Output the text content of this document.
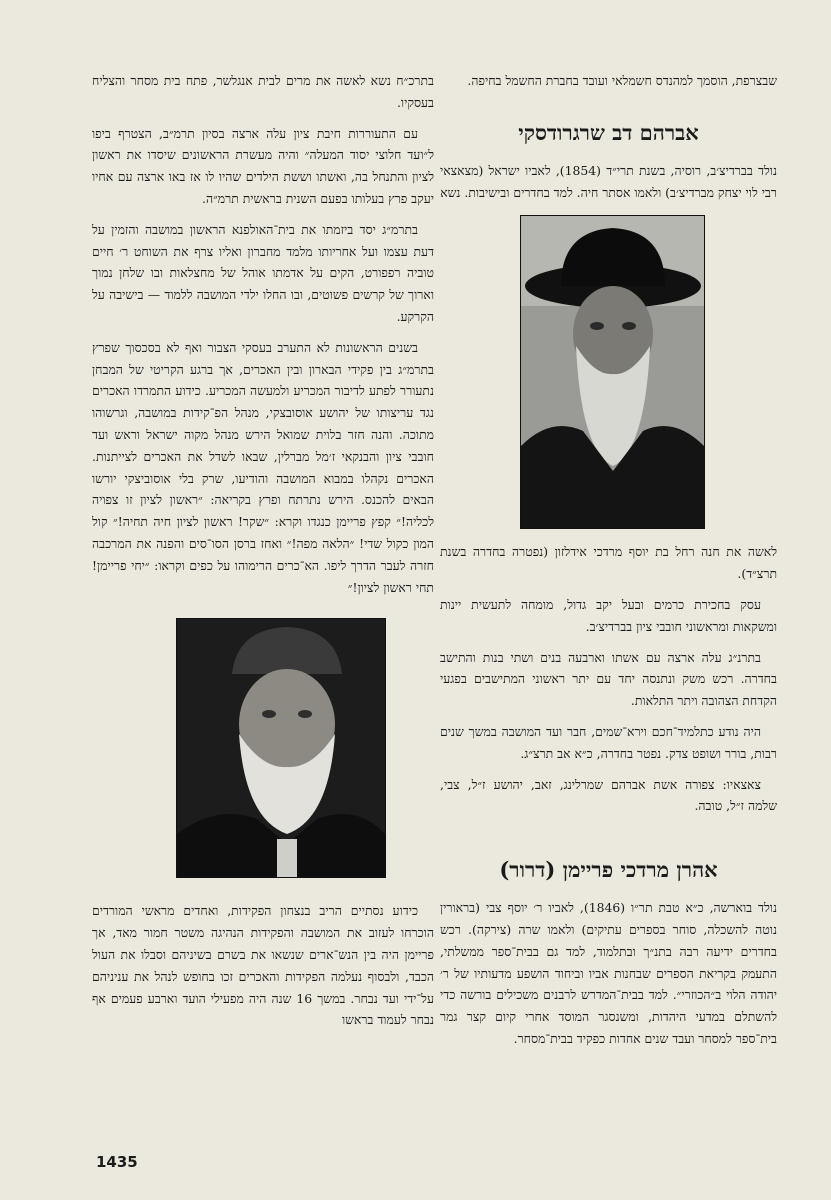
שבצרפת, הוסמך למהנדס חשמלאי ועובד בחברת החשמל בחיפה.

אברהם דב שרגרודסקי

נולד בברדיצ׳ב, רוסיה, בשנת תרי״ד (1854), לאביו ישראל (מצאצאי רבי לוי יצחק מברדיצ׳ב) ולאמו אסתר חיה. למד בחדרים ובישיבות. נשא

לאשה את חנה רחל בת יוסף מרדכי אידלזון (נפטרה בחדרה בשנת תרצ״ד).

עסק בחכירת כרמים ובעל יקב גדול, מומחה לתעשית יינות ומשקאות ומראשוני חובבי ציון בברדיצ׳ב.

בתרנ״ג עלה ארצה עם אשתו וארבעה בנים ושתי בנות והתישב בחדרה. רכש משק ונתנסה יחד עם יתר ראשוני המתישבים בפגעי הקדחת הצהובה ויתר התלאות.

היה נודע כתלמיד־חכם וירא־שמים, חבר ועד המושבה במשך שנים רבות, בורר ושופט צדק. נפטר בחדרה, כ״א אב תרצ״ג.

צאצאיו: צפורה אשת אברהם שמרלינג, זאב, יהושע ז״ל, צבי, שלמה ז״ל, טובה.

אהרן מרדכי פריימן (דרור)

נולד בוארשה, כ״א טבת תר״ו (1846), לאביו ר׳ יוסף צבי (בראורין נוטה להשכלה, סוחר בספרים עתיקים) ולאמו שרה (צירקה). רכש בחדרים ידיעה רבה בתנ״ך ובתלמוד, למד גם בבית־ספר ממשלתי, התעמק בקריאת הספרים שבחנות אביו וביחוד הושפע מדעותיו של ר׳ יהודה הלוי ב״הכוזרי״. למד בבית־המדרש לרבנים משכילים בורשה כדי להשתלם במדעי היהדות, ומשנסגר המוסד אחרי קיום קצר גמר בית־ספר למסחר ועבד שנים אחדות כפקיד בבית־מסחר.

בתרכ״ח נשא לאשה את מרים לבית אנגלשר, פתח בית מסחר והצליח בעסקיו.

עם התעוררות חיבת ציון עלה ארצה בסיון תרמ״ב, הצטרף ביפו ל״ועד חלוצי יסוד המעלה״ והיה מעשרת הראשונים שיסדו את ראשון לציון והתנחל בה, ואשתו וששת הילדים שהיו לו אז באו ארצה עם אחיו יעקב פרץ בעלותו בפעם השנית בראשית תרמ״ה.

בתרמ״ג יסד ביזמתו את בית־האולפנא הראשון במושבה והזמין על דעת עצמו ועל אחריותו מלמד מחברון ואליו צרף את השוחט ר׳ חיים טוביה רפפורט, הקים על אדמתו אוהל של מחצלאות ובו שלחן נמוך וארוך של קרשים פשוטים, ובו החלו ילדי המושבה ללמוד — בישיבה על הקרקע.

בשנים הראשונות לא התערב בעסקי הצבור ואף לא בסכסוך שפרץ בתרמ״ג בין פקידי הבארון ובין האכרים, אך ברגע הקריטי של המבחן נתעורר לפתע לדיבור המכריע ולמעשה המכריע. כידוע התמרדו האכרים נגד עריצותו של יהושע אוסובצקי, מנהל הפ־קידות במושבה, וגרשוהו מתוכה. והנה חזר בלוית שמואל הירש מנהל מקוה ישראל וראש ועד חובבי ציון והבנקאי ז׳מל מברלין, שבאו לשדל את האכרים לצייתנות. האכרים נקהלו במבוא המושבה והודיעו, שרק בלי אוסוביצקי יורשו הבאים להכנס. הירש נתרתח ופרץ בקריאה: ״ראשון לציון זו צפויה לכליה!״ קפץ פריימן כנגדו וקרא: ״שקר! ראשון לציון חיה תחיה!״ קול המון כקול שדי! ״הלאה מפה!״ ואחז ברסן הסו־סים והפנה את המרכבה חזרה לעבר הדרך ליפו. הא־כרים הרימוהו על כפים וקראו: ״יחי פריימן! תחי ראשון לציון!״

כידוע נסתיים הריב בנצחון הפקידות, ואחדים מראשי המורדים הוכרחו לעזוב את המושבה והפקידות הנהיגה משטר חמור מאד, אך פריימן היה בין הנש־ארים שנשאו את בשרם בשיניהם וסבלו את העול הכבד, ולבסוף נעלמה הפקידות והאכרים זכו בחופש לנהל את עניניהם על־ידי ועד נבחר. במשך 16 שנה היה מפעילי הועד וארבע פעמים אף נבחר לעמוד בראשו

1435
